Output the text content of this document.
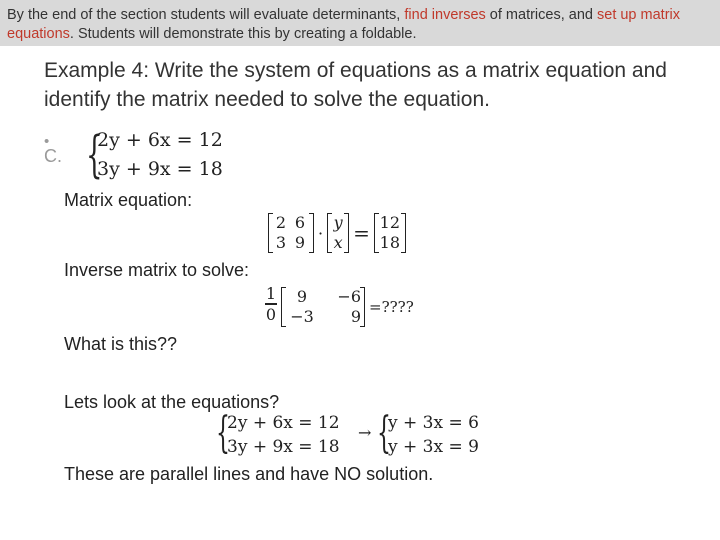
By the end of the section students will evaluate determinants, find inverses of matrices, and set up matrix equations. Students will demonstrate this by creating a foldable.
Example 4: Write the system of equations as a matrix equation and identify the matrix needed to solve the equation.
•
C. {
2y + 6x = 12
3y + 9x = 18
Matrix equation:
2 6
3 9 ·
y
x = 12
18
Inverse matrix to solve:
1
0
9	−6
−3	9 =????
What is this??
Lets look at the equations?
{
2y + 6x = 12
3y + 9x = 18
→ {
y + 3x = 6
y + 3x = 9
These are parallel lines and have NO solution.
